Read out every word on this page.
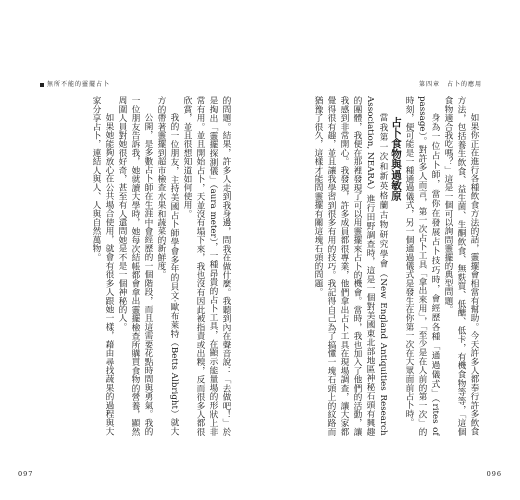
無所不能的靈擺占卜

的問題。結果，許多人走到我身邊，問我在做什麼。我聽到內在聲音說：「去做吧！」於是掏出「靈擺探測儀」（aura meter），一種昂貴的占卜工具，在顯示能量場的形狀上非常有用。並且開始占卜，天並沒有塌下來，我也沒有因此被指責或出糗，反而很多人都很欣賞，並且很想知道如何使用。

我的一位朋友，主持美國占卜師學會多年的貝文·歐布萊特（Betts Albright）就大方的帶著靈擺到超市檢查水果和蔬菜的新鮮度。

公開，是多數占卜師在生涯中會經歷的一個階段，而且這需要花點時間與勇氣。我的一位朋友告訴我，她就讀大學時，她每次結帳都會拿出靈擺檢查所購買食物的營養，顯然周圍人員對她很好奇，甚至有人還問她是不是一個神秘的人。

如果她能夠放心在公共場合使用，就會有很多人跟她一樣，藉由尋找蔬果的過程與大家分享占卜，連結人與人、人與自然萬物。

097
第四章　 占卜的應用

如果你正在進行各種飲食方法的話，靈擺會相當有幫助。今天許多人都奉行許多飲食方法，包括養生飲食、益生菌、生酮飲食、無麩質、低醣、低卡，有機食物等等，「這個食物適合我吃嗎？」這是一個可以詢問靈擺的典型問題。

身為一位占卜師，當你在發展占卜技巧時，會經歷各種「通過儀式」（rites of passage）。對許多人而言，第一次占卜工具「拿出來用」，「至少是在人前的第一次」的時刻，便可能是一種通過儀式，另一個通過儀式是發生在你第一次在大眾面前占卜時。

占卜食物與過敏原

當我第一次和新英格蘭古物研究學會（New England Antiquities Research Association, NEARA）進行田野調查時，這是一個對美國東北部地區神秘石頭有興趣的團體，我便在那裡發現了可以用靈擺來占卜的機會。當時，我也加入了他們的活動，讓我感到非常開心。我發現，許多成員都很專業，他們拿出占卜工具在現場調查，讓大家都覺得很有趣，並且讓我學習到很多有用的技巧。我記得自己為了搞懂一塊石頭上的紋路而猶豫了很久，這樣才能問靈擺有關這塊石頭的問題。

096
